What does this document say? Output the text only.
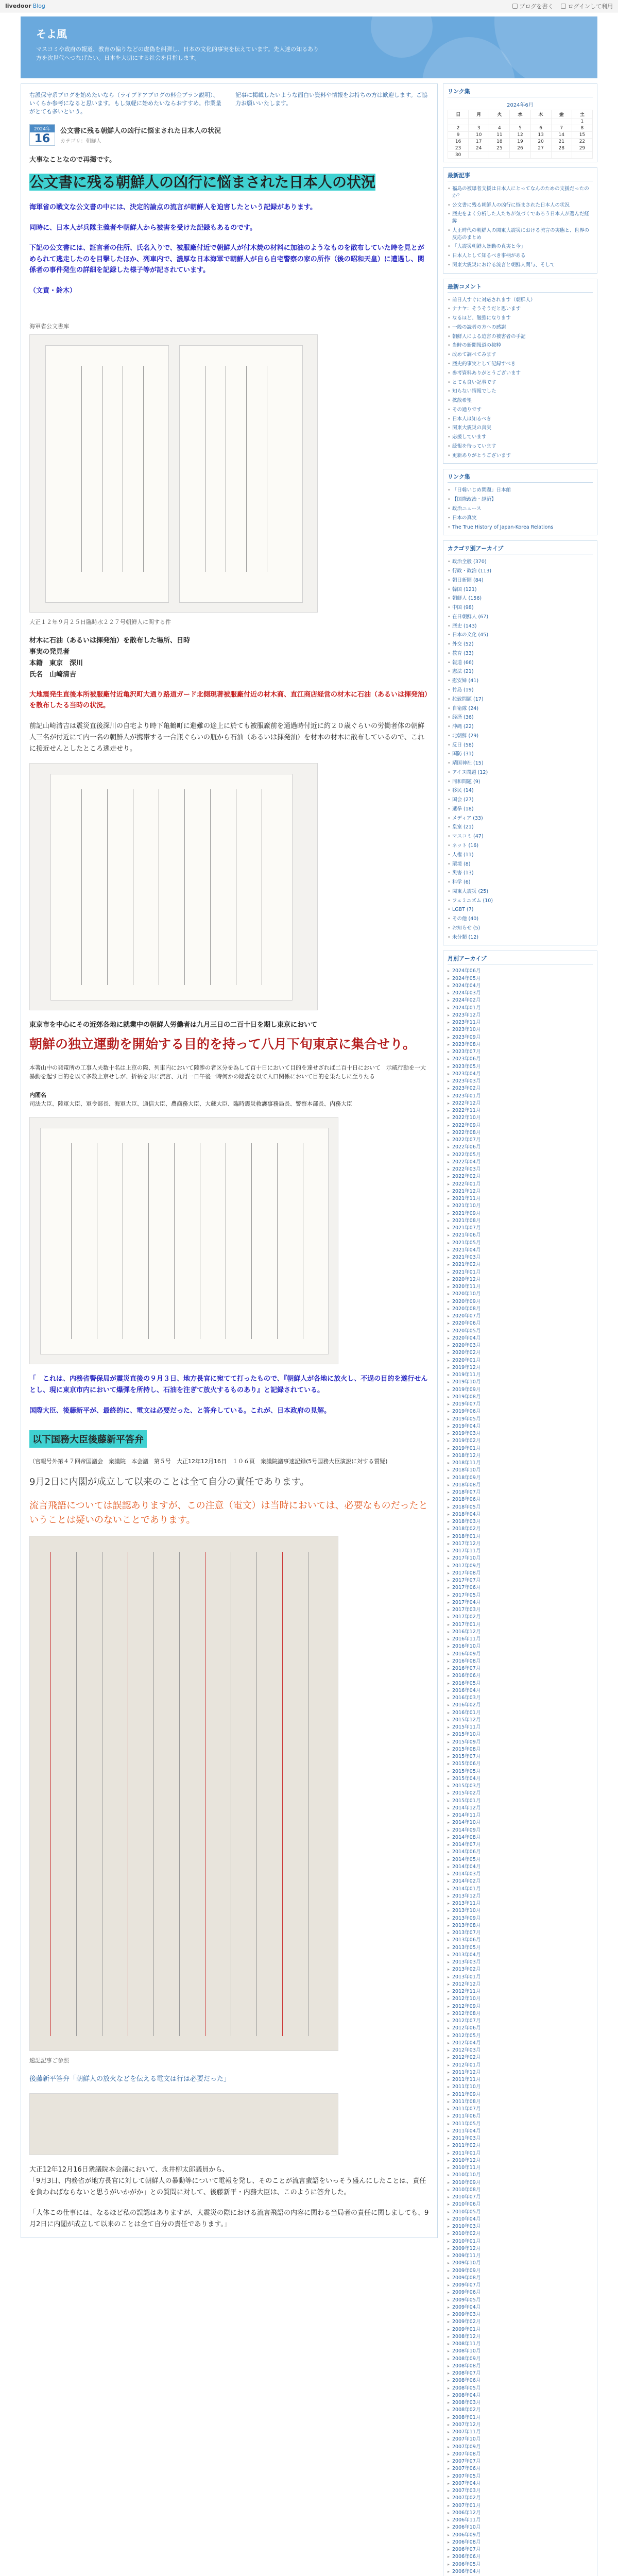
livedoor Blog	ブログを書く	ログインして利用
そよ風

マスコミや政府の報道、教育の偏りなどの虚偽を糾弾し、日本の文化的事実を伝えています。先人達の知るあり方を次世代へつなげたい。日本を大切にする社会を目指します。

右派保守系ブログを始めたいなら（ライブドアブログの料金プラン説明）、いくらか参考になると思います。もし気軽に始めたいならおすすめ。作業量がとても多いという。
記事に掲載したいような面白い資料や情報をお持ちの方は歓迎します。ご協力お願いいたします。
2024年
16
公文書に残る朝鮮人の凶行に悩まされた日本人の状況
カテゴリ：朝鮮人
大事なことなので再掲です。
公文書に残る朝鮮人の凶行に悩まされた日本人の状況
海軍省の戦文な公文書の中には、決定的論点の流言が朝鮮人を迫害したという記録があります。
同時に、日本人が兵隊主義者や朝鮮人から被害を受けた記録もあるのです。
下記の公文書には、証言者の住所、氏名入りで、被服廠付近で朝鮮人が付木焼の材料に加油のようなものを散布していた時を見とがめられて逃走したのを目撃したほか、列車内で、濃厚な日本海軍で朝鮮人が自ら自宅警察の家の所作（後の昭和天皇）に遭遇し、関係者の事件発生の詳細を記録した様子等が記されています。
（文責・鈴木）
海軍省公文書库
大正１２年９月２５日臨時水２２７号朝鮮人に関する件
材木に石油（あるいは揮発油）を散布した場所、日時
事実の発見者
本籍　東京　深川
氏名　山崎清吉
大地震発生直後本所被服廠付近亀沢町大通り路道ガード北側現著被服廠付近の材木商、直江商店経営の材木に石油（あるいは揮発油）を散布したる当時の状況。
前記山崎清吉は震災直後深川の自宅より時下亀鶴町に避難の途上に於ても被服廠前を通過時付近に約２０歳ぐらいの労働者体の朝鮮人三名が付近にて内一名の朝鮮人が携帯する一合瓶ぐらいの瓶から石油（あるいは揮発油）を材木の材木に散布しているので、これに接近せんとしたところ逃走せり。
東京市を中心にその近郊各地に就業中の朝鮮人労働者は九月三日の二百十日を期し東京において
朝鮮の独立運動を開始する目的を持って八月下旬東京に集合せり。
本著山中の発電所の工事人夫数十名は上京の際、列車内において陸渉の者区分を為して百十日において目的を達せざれば二百十日において　示威行動を一大暴動を起す目的を以て多数上京せしが、折柄を共に流言、九月一日午後一時何かの陰謀を以て人口関係において目的を果たしに至りたる
内閣名
司法大臣、陸軍大臣、軍令部長、海軍大臣、通信大臣、農商務大臣、大蔵大臣、臨時震災救護事務局長、警察本部長、内務大臣
「　これは、内務省警保局が震災直後の９月３日、地方長官に宛てて打ったもので、『朝鮮人が各地に放火し、不逞の目的を遂行せんとし、現に東京市内において爆弾を所持し、石油を注ぎて放火するものあり』と記録されている。
国際大臣、後藤新平が、最終的に、電文は必要だった、と答弁している。これが、日本政府の見解。
以下国務大臣後藤新平答弁
（官報号外第４７回帝国議会　衆議院　本会議　第５号　大正12年12月16日　１０６頁　衆議院議事速記録(5号国務大臣演説に対する質疑)
9月2日に内閣が成立して以来のことは全て自分の責任であります。
流言飛語については誤認ありますが、この注意（電文）は当時においては、必要なものだったということは疑いのないことであります。
速記記事ご参照
後藤新平答弁「朝鮮人の放火などを伝える電文は行は必要だった」
大正12年12月16日衆議院本会議において、永井柳太郎議員から、
「9月3日、内務省が地方長官に対して朝鮮人の暴動等について電報を発し、そのことが流言蜚語をいっそう盛んにしたことは、責任を負わねばならないと思うがいかがか」との質問に対して、後藤新平・内務大臣は、このように答弁した。
「大体この仕事には、なるほど私の誤認はありますが、大震災の際における流言飛語の内容に関わる当局者の責任に関しましても、9月2日に内閣が成立して以来のことは全て自分の責任であります。」
リンク集
2024年6月
日	月	火	水	木	金	土
						1
2	3	4	5	6	7	8
9	10	11	12	13	14	15
16	17	18	19	20	21	22
23	24	25	26	27	28	29
30						
最新記事
• 福島の被曝者支援は日本人にとってなんのための支援だったのか？
• 公文書に残る朝鮮人の凶行に悩まされた日本人の状況
• 歴史をよく分析した人たちが気づくであろう日本人が選んだ経緯
• 大正時代の朝鮮人の関東大震災における流言の実態と、世界の反応のまとめ
• 「大震災朝鮮人暴動の真実と今」
• 日本人として知るべき事柄がある
• 関東大震災における流言と朝鮮人関与、そして
最新コメント
• 前日人すぐに対応されます（朝鮮人）
• ナナヤ：そうそうだと思います
• なるほど、勉強になります
• 一般の読者の方への感謝
• 朝鮮人による迫害の被害者の手記
• 当時の新聞報道の抜粋
• 改めて調べてみます
• 歴史的事実として記録すべき
• 参考資料ありがとうございます
• とても良い記事です
• 知らない情報でした
• 拡散希望
• その通りです
• 日本人は知るべき
• 関東大震災の真実
• 応援しています
• 続報を待っています
• 更新ありがとうございます
リンク集
• 「日韓いじめ問題」日本館
• 【国際政治・経済】
• 政治ニュース
• 日本の真実
• The True History of Japan-Korea Relations
カテゴリ別アーカイブ
• 政治全般 (370)
• 行政・政治 (113)
• 朝日新聞 (84)
• 韓国 (121)
• 朝鮮人 (156)
• 中国 (98)
• 在日朝鮮人 (67)
• 歴史 (143)
• 日本の文化 (45)
• 外交 (52)
• 教育 (33)
• 報道 (66)
• 憲法 (21)
• 慰安婦 (41)
• 竹島 (19)
• 拉致問題 (17)
• 自衛隊 (24)
• 経済 (36)
• 沖縄 (22)
• 北朝鮮 (29)
• 反日 (58)
• 国防 (31)
• 靖国神社 (15)
• アイヌ問題 (12)
• 同和問題 (9)
• 移民 (14)
• 国会 (27)
• 選挙 (18)
• メディア (33)
• 皇室 (21)
• マスコミ (47)
• ネット (16)
• 人権 (11)
• 環境 (8)
• 災害 (13)
• 科学 (6)
• 関東大震災 (25)
• フェミニズム (10)
• LGBT (7)
• その他 (40)
• お知らせ (5)
• 未分類 (12)
月別アーカイブ
▸ 2024年06月
▸ 2024年05月
▸ 2024年04月
▸ 2024年03月
▸ 2024年02月
▸ 2024年01月
▸ 2023年12月
▸ 2023年11月
▸ 2023年10月
▸ 2023年09月
▸ 2023年08月
▸ 2023年07月
▸ 2023年06月
▸ 2023年05月
▸ 2023年04月
▸ 2023年03月
▸ 2023年02月
▸ 2023年01月
▸ 2022年12月
▸ 2022年11月
▸ 2022年10月
▸ 2022年09月
▸ 2022年08月
▸ 2022年07月
▸ 2022年06月
▸ 2022年05月
▸ 2022年04月
▸ 2022年03月
▸ 2022年02月
▸ 2022年01月
▸ 2021年12月
▸ 2021年11月
▸ 2021年10月
▸ 2021年09月
▸ 2021年08月
▸ 2021年07月
▸ 2021年06月
▸ 2021年05月
▸ 2021年04月
▸ 2021年03月
▸ 2021年02月
▸ 2021年01月
▸ 2020年12月
▸ 2020年11月
▸ 2020年10月
▸ 2020年09月
▸ 2020年08月
▸ 2020年07月
▸ 2020年06月
▸ 2020年05月
▸ 2020年04月
▸ 2020年03月
▸ 2020年02月
▸ 2020年01月
▸ 2019年12月
▸ 2019年11月
▸ 2019年10月
▸ 2019年09月
▸ 2019年08月
▸ 2019年07月
▸ 2019年06月
▸ 2019年05月
▸ 2019年04月
▸ 2019年03月
▸ 2019年02月
▸ 2019年01月
▸ 2018年12月
▸ 2018年11月
▸ 2018年10月
▸ 2018年09月
▸ 2018年08月
▸ 2018年07月
▸ 2018年06月
▸ 2018年05月
▸ 2018年04月
▸ 2018年03月
▸ 2018年02月
▸ 2018年01月
▸ 2017年12月
▸ 2017年11月
▸ 2017年10月
▸ 2017年09月
▸ 2017年08月
▸ 2017年07月
▸ 2017年06月
▸ 2017年05月
▸ 2017年04月
▸ 2017年03月
▸ 2017年02月
▸ 2017年01月
▸ 2016年12月
▸ 2016年11月
▸ 2016年10月
▸ 2016年09月
▸ 2016年08月
▸ 2016年07月
▸ 2016年06月
▸ 2016年05月
▸ 2016年04月
▸ 2016年03月
▸ 2016年02月
▸ 2016年01月
▸ 2015年12月
▸ 2015年11月
▸ 2015年10月
▸ 2015年09月
▸ 2015年08月
▸ 2015年07月
▸ 2015年06月
▸ 2015年05月
▸ 2015年04月
▸ 2015年03月
▸ 2015年02月
▸ 2015年01月
▸ 2014年12月
▸ 2014年11月
▸ 2014年10月
▸ 2014年09月
▸ 2014年08月
▸ 2014年07月
▸ 2014年06月
▸ 2014年05月
▸ 2014年04月
▸ 2014年03月
▸ 2014年02月
▸ 2014年01月
▸ 2013年12月
▸ 2013年11月
▸ 2013年10月
▸ 2013年09月
▸ 2013年08月
▸ 2013年07月
▸ 2013年06月
▸ 2013年05月
▸ 2013年04月
▸ 2013年03月
▸ 2013年02月
▸ 2013年01月
▸ 2012年12月
▸ 2012年11月
▸ 2012年10月
▸ 2012年09月
▸ 2012年08月
▸ 2012年07月
▸ 2012年06月
▸ 2012年05月
▸ 2012年04月
▸ 2012年03月
▸ 2012年02月
▸ 2012年01月
▸ 2011年12月
▸ 2011年11月
▸ 2011年10月
▸ 2011年09月
▸ 2011年08月
▸ 2011年07月
▸ 2011年06月
▸ 2011年05月
▸ 2011年04月
▸ 2011年03月
▸ 2011年02月
▸ 2011年01月
▸ 2010年12月
▸ 2010年11月
▸ 2010年10月
▸ 2010年09月
▸ 2010年08月
▸ 2010年07月
▸ 2010年06月
▸ 2010年05月
▸ 2010年04月
▸ 2010年03月
▸ 2010年02月
▸ 2010年01月
▸ 2009年12月
▸ 2009年11月
▸ 2009年10月
▸ 2009年09月
▸ 2009年08月
▸ 2009年07月
▸ 2009年06月
▸ 2009年05月
▸ 2009年04月
▸ 2009年03月
▸ 2009年02月
▸ 2009年01月
▸ 2008年12月
▸ 2008年11月
▸ 2008年10月
▸ 2008年09月
▸ 2008年08月
▸ 2008年07月
▸ 2008年06月
▸ 2008年05月
▸ 2008年04月
▸ 2008年03月
▸ 2008年02月
▸ 2008年01月
▸ 2007年12月
▸ 2007年11月
▸ 2007年10月
▸ 2007年09月
▸ 2007年08月
▸ 2007年07月
▸ 2007年06月
▸ 2007年05月
▸ 2007年04月
▸ 2007年03月
▸ 2007年02月
▸ 2007年01月
▸ 2006年12月
▸ 2006年11月
▸ 2006年10月
▸ 2006年09月
▸ 2006年08月
▸ 2006年07月
▸ 2006年06月
▸ 2006年05月
▸ 2006年04月
